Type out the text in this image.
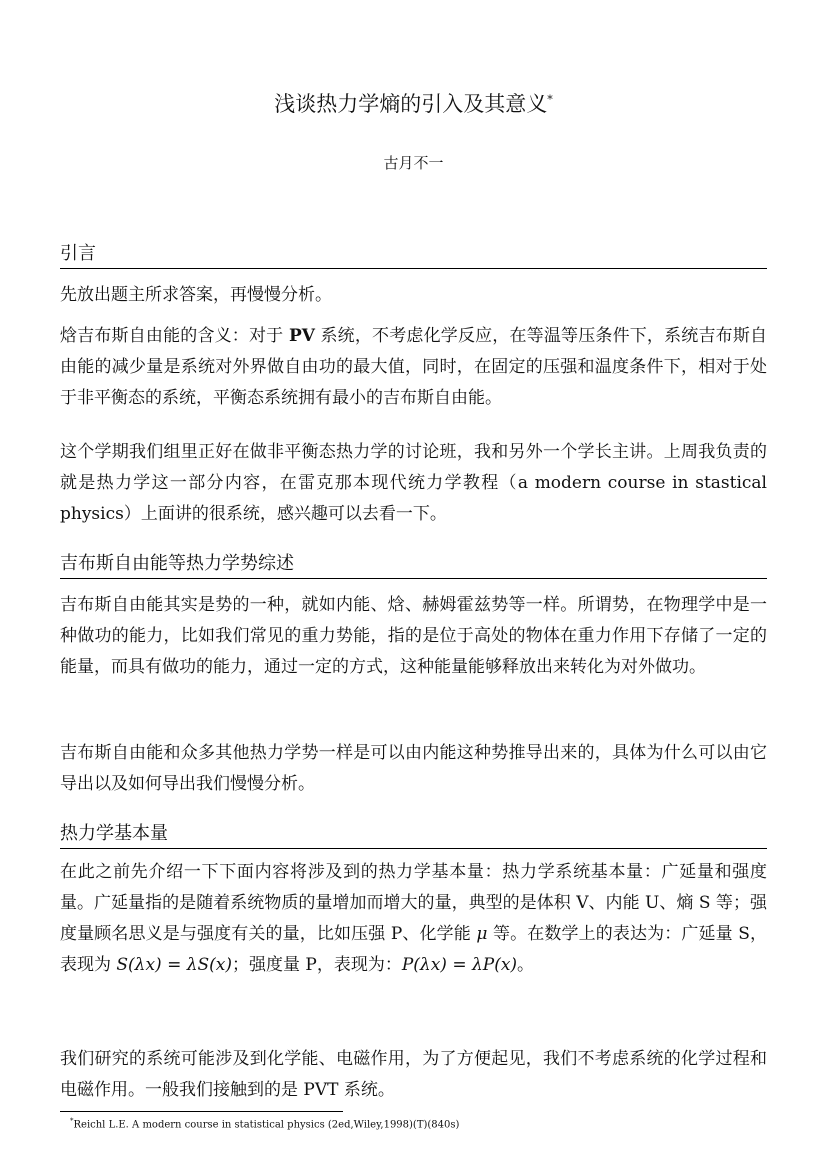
浅谈热力学熵的引入及其意义*
古月不一
引言

先放出题主所求答案，再慢慢分析。

焓吉布斯自由能的含义：对于 PV 系统，不考虑化学反应，在等温等压条件下，系统吉布斯自由能的减少量是系统对外界做自由功的最大值，同时，在固定的压强和温度条件下，相对于处于非平衡态的系统，平衡态系统拥有最小的吉布斯自由能。

这个学期我们组里正好在做非平衡态热力学的讨论班，我和另外一个学长主讲。上周我负责的就是热力学这一部分内容，在雷克那本现代统力学教程（a modern course in stastical physics）上面讲的很系统，感兴趣可以去看一下。

吉布斯自由能等热力学势综述

吉布斯自由能其实是势的一种，就如内能、焓、赫姆霍兹势等一样。所谓势，在物理学中是一种做功的能力，比如我们常见的重力势能，指的是位于高处的物体在重力作用下存储了一定的能量，而具有做功的能力，通过一定的方式，这种能量能够释放出来转化为对外做功。

吉布斯自由能和众多其他热力学势一样是可以由内能这种势推导出来的，具体为什么可以由它导出以及如何导出我们慢慢分析。

热力学基本量

在此之前先介绍一下下面内容将涉及到的热力学基本量：热力学系统基本量：广延量和强度量。广延量指的是随着系统物质的量增加而增大的量，典型的是体积 V、内能 U、熵 S 等；强度量顾名思义是与强度有关的量，比如压强 P、化学能 μ 等。在数学上的表达为：广延量 S，表现为 S(λx) = λS(x)；强度量 P，表现为：P(λx) = λP(x)。

我们研究的系统可能涉及到化学能、电磁作用，为了方便起见，我们不考虑系统的化学过程和电磁作用。一般我们接触到的是 PVT 系统。

*Reichl L.E. A modern course in statistical physics (2ed,Wiley,1998)(T)(840s)
